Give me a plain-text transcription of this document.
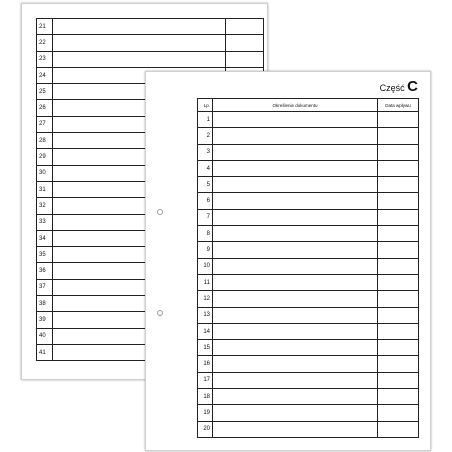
21		
22		
23		
24		
25		
26		
27		
28		
29		
30		
31		
32		
33		
34		
35		
36		
37		
38		
39		
40		
41		
Część C
Lp.	Określenie dokumentu	Data wpływu
1		
2		
3		
4		
5		
6		
7		
8		
9		
10		
11		
12		
13		
14		
15		
16		
17		
18		
19		
20		
